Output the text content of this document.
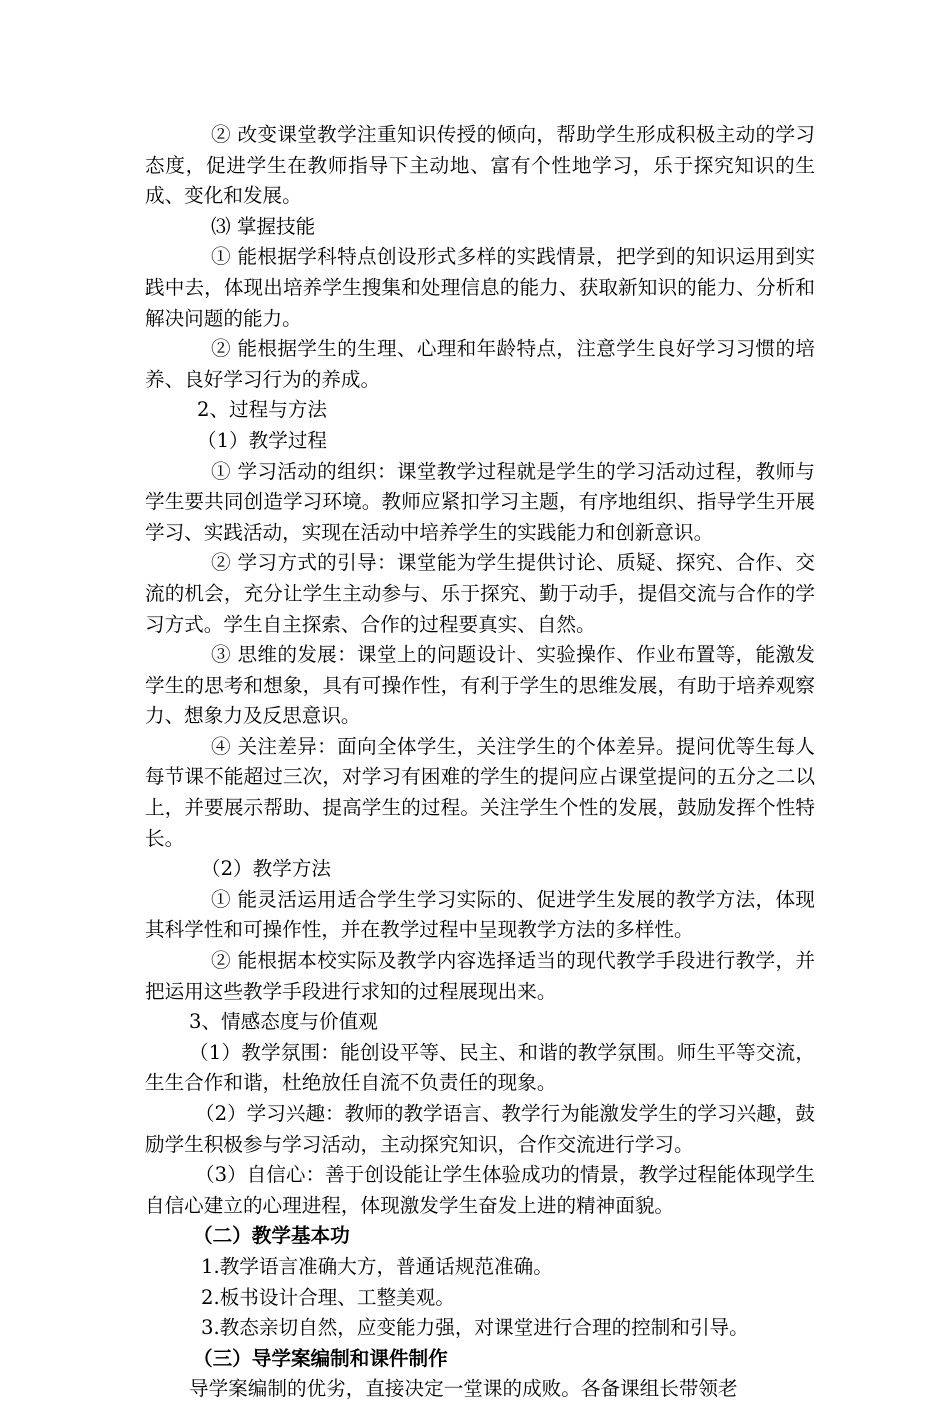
② 改变课堂教学注重知识传授的倾向，帮助学生形成积极主动的学习态度，促进学生在教师指导下主动地、富有个性地学习，乐于探究知识的生成、变化和发展。

⑶ 掌握技能

① 能根据学科特点创设形式多样的实践情景，把学到的知识运用到实践中去，体现出培养学生搜集和处理信息的能力、获取新知识的能力、分析和解决问题的能力。

② 能根据学生的生理、心理和年龄特点，注意学生良好学习习惯的培养、良好学习行为的养成。

2、过程与方法

（1）教学过程

① 学习活动的组织：课堂教学过程就是学生的学习活动过程，教师与学生要共同创造学习环境。教师应紧扣学习主题，有序地组织、指导学生开展学习、实践活动，实现在活动中培养学生的实践能力和创新意识。

② 学习方式的引导：课堂能为学生提供讨论、质疑、探究、合作、交流的机会，充分让学生主动参与、乐于探究、勤于动手，提倡交流与合作的学习方式。学生自主探索、合作的过程要真实、自然。

③ 思维的发展：课堂上的问题设计、实验操作、作业布置等，能激发学生的思考和想象，具有可操作性，有利于学生的思维发展，有助于培养观察力、想象力及反思意识。

④ 关注差异：面向全体学生，关注学生的个体差异。提问优等生每人每节课不能超过三次，对学习有困难的学生的提问应占课堂提问的五分之二以上，并要展示帮助、提高学生的过程。关注学生个性的发展，鼓励发挥个性特长。

（2）教学方法

① 能灵活运用适合学生学习实际的、促进学生发展的教学方法，体现其科学性和可操作性，并在教学过程中呈现教学方法的多样性。

② 能根据本校实际及教学内容选择适当的现代教学手段进行教学，并把运用这些教学手段进行求知的过程展现出来。

3、情感态度与价值观

（1）教学氛围：能创设平等、民主、和谐的教学氛围。师生平等交流，生生合作和谐，杜绝放任自流不负责任的现象。

（2）学习兴趣：教师的教学语言、教学行为能激发学生的学习兴趣，鼓励学生积极参与学习活动，主动探究知识，合作交流进行学习。

（3）自信心：善于创设能让学生体验成功的情景，教学过程能体现学生自信心建立的心理进程，体现激发学生奋发上进的精神面貌。

（二）教学基本功

1.教学语言准确大方，普通话规范准确。

2.板书设计合理、工整美观。

3.教态亲切自然，应变能力强，对课堂进行合理的控制和引导。

（三）导学案编制和课件制作

导学案编制的优劣，直接决定一堂课的成败。各备课组长带领老
